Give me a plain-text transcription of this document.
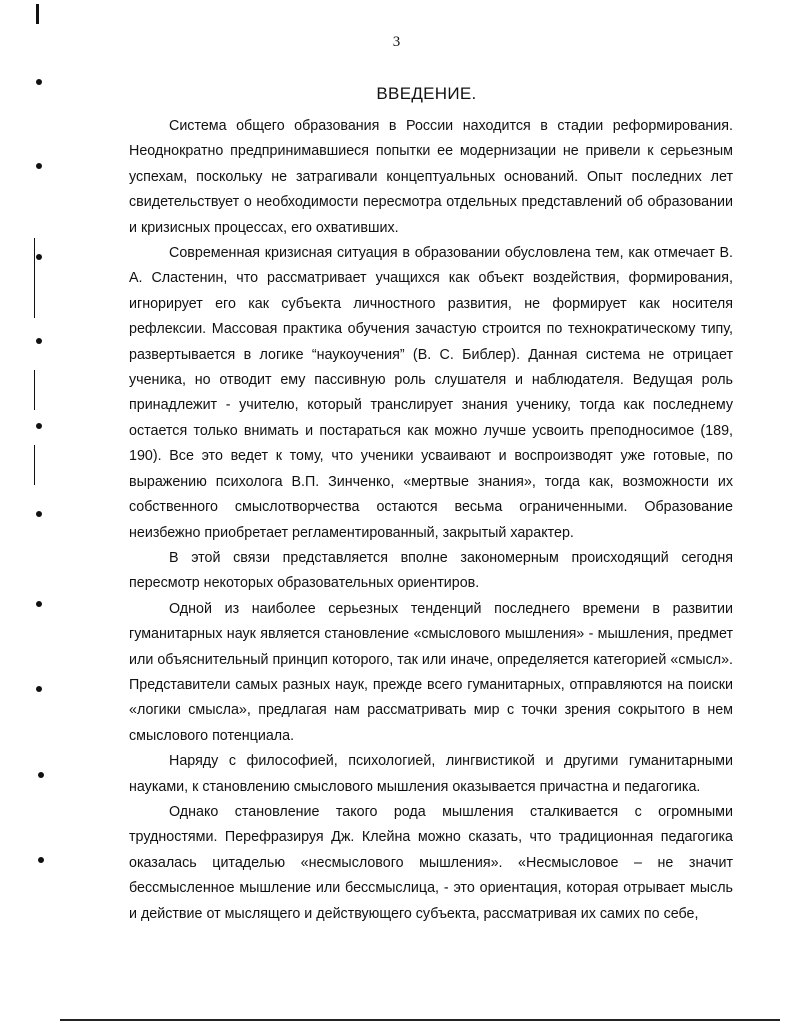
3
ВВЕДЕНИЕ.

Система общего образования в России находится в стадии реформирования. Неоднократно предпринимавшиеся попытки ее модернизации не привели к серьезным успехам, поскольку не затрагивали концептуальных оснований. Опыт последних лет свидетельствует о необходимости пересмотра отдельных представлений об образовании и кризисных процессах, его охвативших.

Современная кризисная ситуация в образовании обусловлена тем, как отмечает В. А. Сластенин, что рассматривает учащихся как объект воздействия, формирования, игнорирует его как субъекта личностного развития, не формирует как носителя рефлексии. Массовая практика обучения зачастую строится по технократическому типу, развертывается в логике “наукоучения” (В. С. Библер). Данная система не отрицает ученика, но отводит ему пассивную роль слушателя и наблюдателя. Ведущая роль принадлежит - учителю, который транслирует знания ученику, тогда как последнему остается только внимать и постараться как можно лучше усвоить преподносимое (189, 190). Все это ведет к тому, что ученики усваивают и воспроизводят уже готовые, по выражению психолога В.П. Зинченко, «мертвые знания», тогда как, возможности их собственного смыслотворчества остаются весьма ограниченными. Образование неизбежно приобретает регламентированный, закрытый характер.

В этой связи представляется вполне закономерным происходящий сегодня пересмотр некоторых образовательных ориентиров.

Одной из наиболее серьезных тенденций последнего времени в развитии гуманитарных наук является становление «смыслового мышления» - мышления, предмет или объяснительный принцип которого, так или иначе, определяется категорией «смысл». Представители самых разных наук, прежде всего гуманитарных, отправляются на поиски «логики смысла», предлагая нам рассматривать мир с точки зрения сокрытого в нем смыслового потенциала.

Наряду с философией, психологией, лингвистикой и другими гуманитарными науками, к становлению смыслового мышления оказывается причастна и педагогика.

Однако становление такого рода мышления сталкивается с огромными трудностями. Перефразируя Дж. Клейна можно сказать, что традиционная педагогика оказалась цитаделью «несмыслового мышления». «Несмысловое – не значит бессмысленное мышление или бессмыслица, - это ориентация, которая отрывает мысль и действие от мыслящего и действующего субъекта, рассматривая их самих по себе,
